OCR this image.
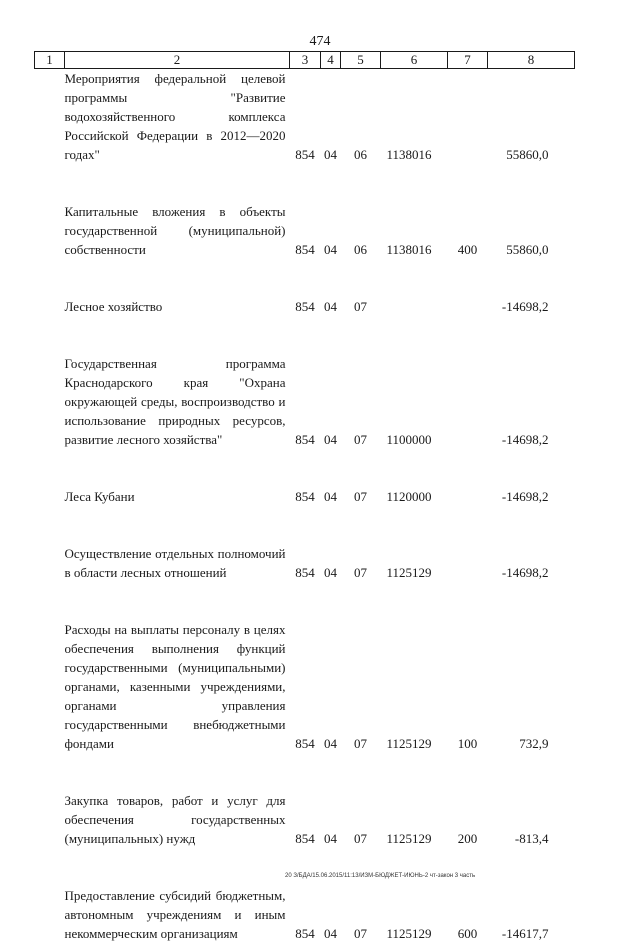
474
1	2	3	4	5	6	7	8

	Мероприятия федеральной целевой программы "Развитие водохозяйственного комплекса Российской Федерации в 2012—2020 годах"	854	04	06	1138016		55860,0

	Капитальные вложения в объекты государственной (муниципальной) собственности	854	04	06	1138016	400	55860,0

	Лесное хозяйство	854	04	07			-14698,2

	Государственная программа Краснодарского края "Охрана окружающей среды, воспроизводство и использование природных ресурсов, развитие лесного хозяйства"	854	04	07	1100000		-14698,2

	Леса Кубани	854	04	07	1120000		-14698,2

	Осуществление отдельных полномочий в области лесных отношений	854	04	07	1125129		-14698,2

	Расходы на выплаты персоналу в целях обеспечения выполнения функций государственными (муниципальными) органами, казенными учреждениями, органами управления государственными внебюджетными фондами	854	04	07	1125129	100	732,9

	Закупка товаров, работ и услуг для обеспечения государственных (муниципальных) нужд	854	04	07	1125129	200	-813,4

	Предоставление субсидий бюджетным, автономным учреждениям и иным некоммерческим организациям	854	04	07	1125129	600	-14617,7
20 З/БДА/15.06.2015/11:13/ИЗМ-БЮДЖЕТ-ИЮНЬ-2 чт-закон 3 часть
